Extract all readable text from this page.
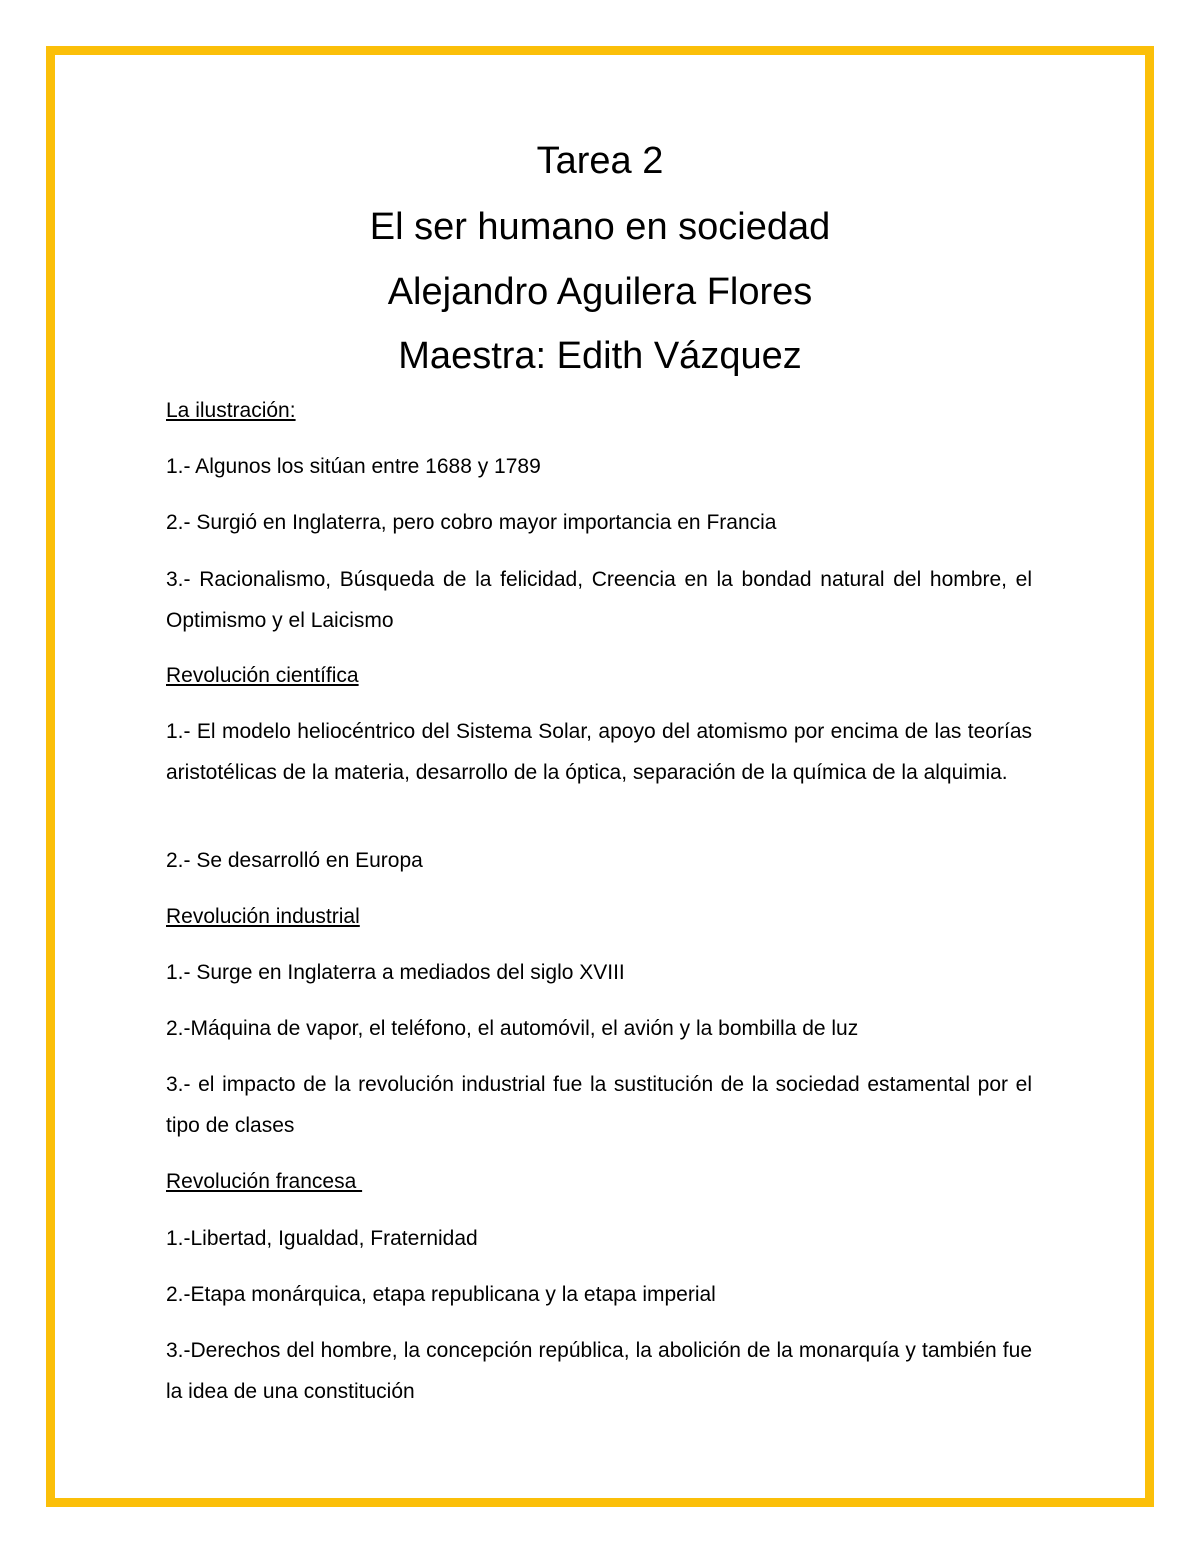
Tarea 2
El ser humano en sociedad
Alejandro Aguilera Flores
Maestra: Edith Vázquez
La ilustración:
1.- Algunos los sitúan entre 1688 y 1789
2.- Surgió en Inglaterra, pero cobro mayor importancia en Francia
3.- Racionalismo, Búsqueda de la felicidad, Creencia en la bondad natural del hombre, el Optimismo y el Laicismo
Revolución científica
1.- El modelo heliocéntrico del Sistema Solar, apoyo del atomismo por encima de las teorías aristotélicas de la materia, desarrollo de la óptica, separación de la química de la alquimia.
2.- Se desarrolló en Europa
Revolución industrial
1.- Surge en Inglaterra a mediados del siglo XVIII
2.-Máquina de vapor, el teléfono, el automóvil, el avión y la bombilla de luz
3.- el impacto de la revolución industrial fue la sustitución de la sociedad estamental por el tipo de clases
Revolución francesa
1.-Libertad, Igualdad, Fraternidad
2.-Etapa monárquica, etapa republicana y la etapa imperial
3.-Derechos del hombre, la concepción república, la abolición de la monarquía y también fue la idea de una constitución
